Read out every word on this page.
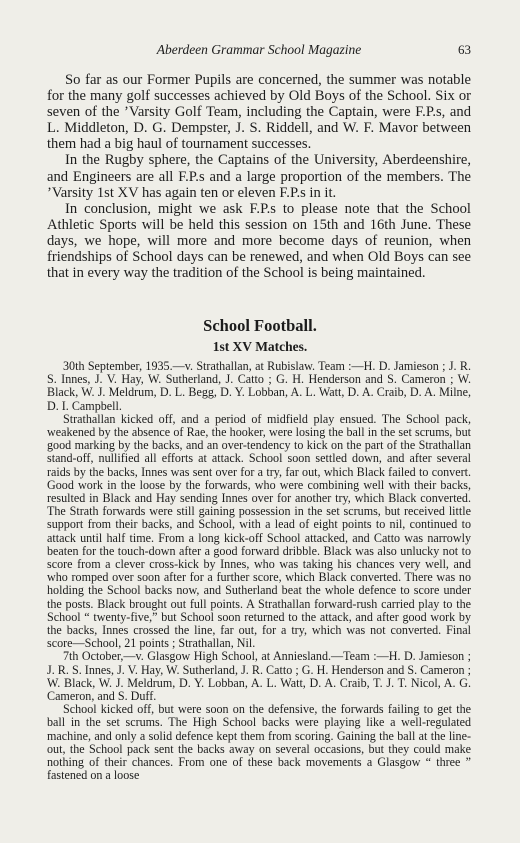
Aberdeen Grammar School Magazine	63

So far as our Former Pupils are concerned, the summer was notable for the many golf successes achieved by Old Boys of the School. Six or seven of the ’Varsity Golf Team, including the Captain, were F.P.s, and L. Middleton, D. G. Dempster, J. S. Riddell, and W. F. Mavor between them had a big haul of tournament successes.

In the Rugby sphere, the Captains of the University, Aberdeenshire, and Engineers are all F.P.s and a large proportion of the members. The ’Varsity 1st XV has again ten or eleven F.P.s in it.

In conclusion, might we ask F.P.s to please note that the School Athletic Sports will be held this session on 15th and 16th June. These days, we hope, will more and more become days of reunion, when friendships of School days can be renewed, and when Old Boys can see that in every way the tradition of the School is being maintained.

School Football.
1st XV Matches.

30th September, 1935.—v. Strathallan, at Rubislaw. Team :—H. D. Jamieson ; J. R. S. Innes, J. V. Hay, W. Sutherland, J. Catto ; G. H. Henderson and S. Cameron ; W. Black, W. J. Meldrum, D. L. Begg, D. Y. Lobban, A. L. Watt, D. A. Craib, D. A. Milne, D. I. Campbell.

Strathallan kicked off, and a period of midfield play ensued. The School pack, weakened by the absence of Rae, the hooker, were losing the ball in the set scrums, but good marking by the backs, and an over-tendency to kick on the part of the Strathallan stand-off, nullified all efforts at attack. School soon settled down, and after several raids by the backs, Innes was sent over for a try, far out, which Black failed to convert. Good work in the loose by the forwards, who were combining well with their backs, resulted in Black and Hay sending Innes over for another try, which Black converted. The Strath forwards were still gaining possession in the set scrums, but received little support from their backs, and School, with a lead of eight points to nil, continued to attack until half time. From a long kick-off School attacked, and Catto was narrowly beaten for the touch-down after a good forward dribble. Black was also unlucky not to score from a clever cross-kick by Innes, who was taking his chances very well, and who romped over soon after for a further score, which Black converted. There was no holding the School backs now, and Sutherland beat the whole defence to score under the posts. Black brought out full points. A Strathallan forward-rush carried play to the School “ twenty-five,” but School soon returned to the attack, and after good work by the backs, Innes crossed the line, far out, for a try, which was not converted. Final score—School, 21 points ; Strathallan, Nil.

7th October,—v. Glasgow High School, at Anniesland.—Team :—H. D. Jamieson ; J. R. S. Innes, J. V. Hay, W. Sutherland, J. R. Catto ; G. H. Henderson and S. Cameron ; W. Black, W. J. Meldrum, D. Y. Lobban, A. L. Watt, D. A. Craib, T. J. T. Nicol, A. G. Cameron, and S. Duff.

School kicked off, but were soon on the defensive, the forwards failing to get the ball in the set scrums. The High School backs were playing like a well-regulated machine, and only a solid defence kept them from scoring. Gaining the ball at the line-out, the School pack sent the backs away on several occasions, but they could make nothing of their chances. From one of these back movements a Glasgow “ three ” fastened on a loose
